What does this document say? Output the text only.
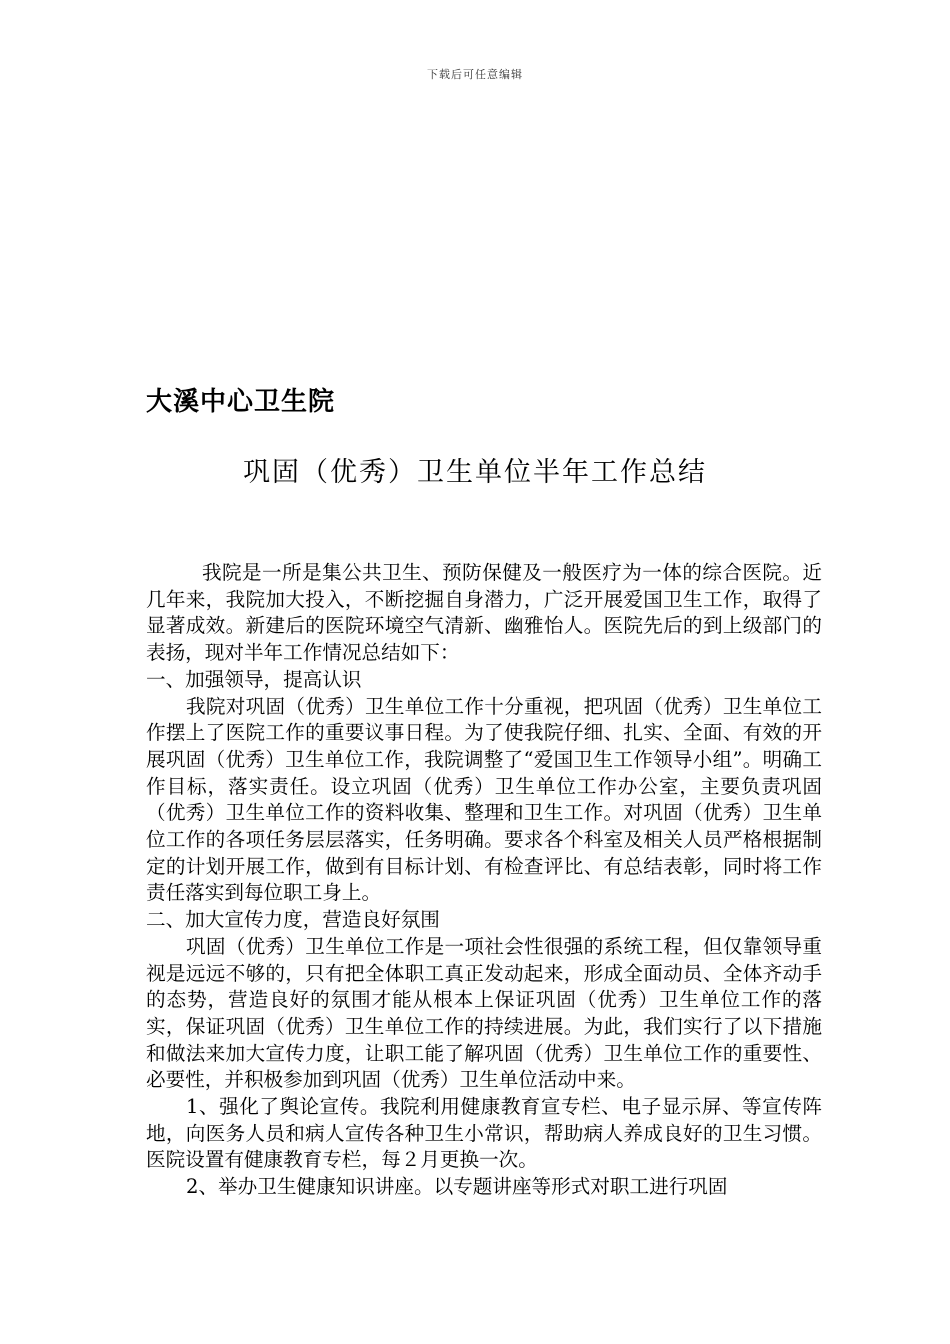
下载后可任意编辑
大溪中心卫生院
巩固（优秀）卫生单位半年工作总结

我院是一所是集公共卫生、预防保健及一般医疗为一体的综合医院。近几年来，我院加大投入，不断挖掘自身潜力，广泛开展爱国卫生工作，取得了显著成效。新建后的医院环境空气清新、幽雅怡人。医院先后的到上级部门的表扬，现对半年工作情况总结如下：

一、加强领导，提高认识

我院对巩固（优秀）卫生单位工作十分重视，把巩固（优秀）卫生单位工作摆上了医院工作的重要议事日程。为了使我院仔细、扎实、全面、有效的开展巩固（优秀）卫生单位工作，我院调整了“爱国卫生工作领导小组”。明确工作目标，落实责任。设立巩固（优秀）卫生单位工作办公室，主要负责巩固（优秀）卫生单位工作的资料收集、整理和卫生工作。对巩固（优秀）卫生单位工作的各项任务层层落实，任务明确。要求各个科室及相关人员严格根据制定的计划开展工作，做到有目标计划、有检查评比、有总结表彰，同时将工作责任落实到每位职工身上。

二、加大宣传力度，营造良好氛围

巩固（优秀）卫生单位工作是一项社会性很强的系统工程，但仅靠领导重视是远远不够的，只有把全体职工真正发动起来，形成全面动员、全体齐动手的态势，营造良好的氛围才能从根本上保证巩固（优秀）卫生单位工作的落实，保证巩固（优秀）卫生单位工作的持续进展。为此，我们实行了以下措施和做法来加大宣传力度，让职工能了解巩固（优秀）卫生单位工作的重要性、必要性，并积极参加到巩固（优秀）卫生单位活动中来。

1、强化了舆论宣传。我院利用健康教育宣专栏、电子显示屏、等宣传阵地，向医务人员和病人宣传各种卫生小常识，帮助病人养成良好的卫生习惯。医院设置有健康教育专栏，每２月更换一次。

2、举办卫生健康知识讲座。以专题讲座等形式对职工进行巩固
